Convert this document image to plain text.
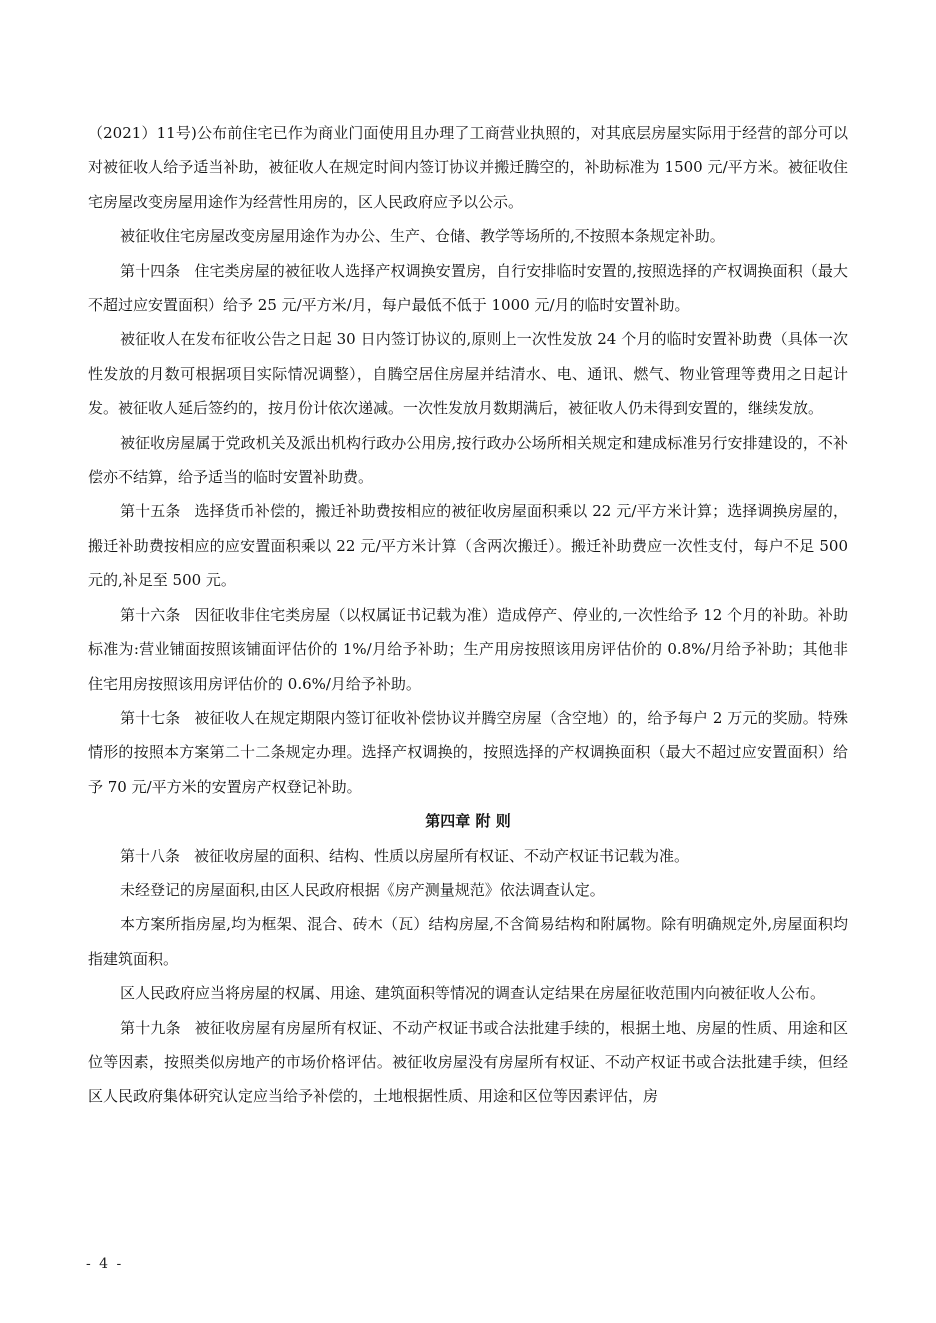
（2021）11号)公布前住宅已作为商业门面使用且办理了工商营业执照的，对其底层房屋实际用于经营的部分可以对被征收人给予适当补助，被征收人在规定时间内签订协议并搬迁腾空的，补助标准为 1500 元/平方米。被征收住宅房屋改变房屋用途作为经营性用房的，区人民政府应予以公示。

被征收住宅房屋改变房屋用途作为办公、生产、仓储、教学等场所的,不按照本条规定补助。

第十四条 住宅类房屋的被征收人选择产权调换安置房，自行安排临时安置的,按照选择的产权调换面积（最大不超过应安置面积）给予 25 元/平方米/月，每户最低不低于 1000 元/月的临时安置补助。

被征收人在发布征收公告之日起 30 日内签订协议的,原则上一次性发放 24 个月的临时安置补助费（具体一次性发放的月数可根据项目实际情况调整），自腾空居住房屋并结清水、电、通讯、燃气、物业管理等费用之日起计发。被征收人延后签约的，按月份计依次递减。一次性发放月数期满后，被征收人仍未得到安置的，继续发放。

被征收房屋属于党政机关及派出机构行政办公用房,按行政办公场所相关规定和建成标准另行安排建设的，不补偿亦不结算，给予适当的临时安置补助费。

第十五条 选择货币补偿的，搬迁补助费按相应的被征收房屋面积乘以 22 元/平方米计算；选择调换房屋的，搬迁补助费按相应的应安置面积乘以 22 元/平方米计算（含两次搬迁）。搬迁补助费应一次性支付，每户不足 500 元的,补足至 500 元。

第十六条 因征收非住宅类房屋（以权属证书记载为准）造成停产、停业的,一次性给予 12 个月的补助。补助标准为:营业铺面按照该铺面评估价的 1%/月给予补助；生产用房按照该用房评估价的 0.8%/月给予补助；其他非住宅用房按照该用房评估价的 0.6%/月给予补助。

第十七条 被征收人在规定期限内签订征收补偿协议并腾空房屋（含空地）的，给予每户 2 万元的奖励。特殊情形的按照本方案第二十二条规定办理。选择产权调换的，按照选择的产权调换面积（最大不超过应安置面积）给予 70 元/平方米的安置房产权登记补助。

第四章 附 则

第十八条 被征收房屋的面积、结构、性质以房屋所有权证、不动产权证书记载为准。

未经登记的房屋面积,由区人民政府根据《房产测量规范》依法调查认定。

本方案所指房屋,均为框架、混合、砖木（瓦）结构房屋,不含简易结构和附属物。除有明确规定外,房屋面积均指建筑面积。

区人民政府应当将房屋的权属、用途、建筑面积等情况的调查认定结果在房屋征收范围内向被征收人公布。

第十九条 被征收房屋有房屋所有权证、不动产权证书或合法批建手续的，根据土地、房屋的性质、用途和区位等因素，按照类似房地产的市场价格评估。被征收房屋没有房屋所有权证、不动产权证书或合法批建手续，但经区人民政府集体研究认定应当给予补偿的，土地根据性质、用途和区位等因素评估，房

- 4 -
